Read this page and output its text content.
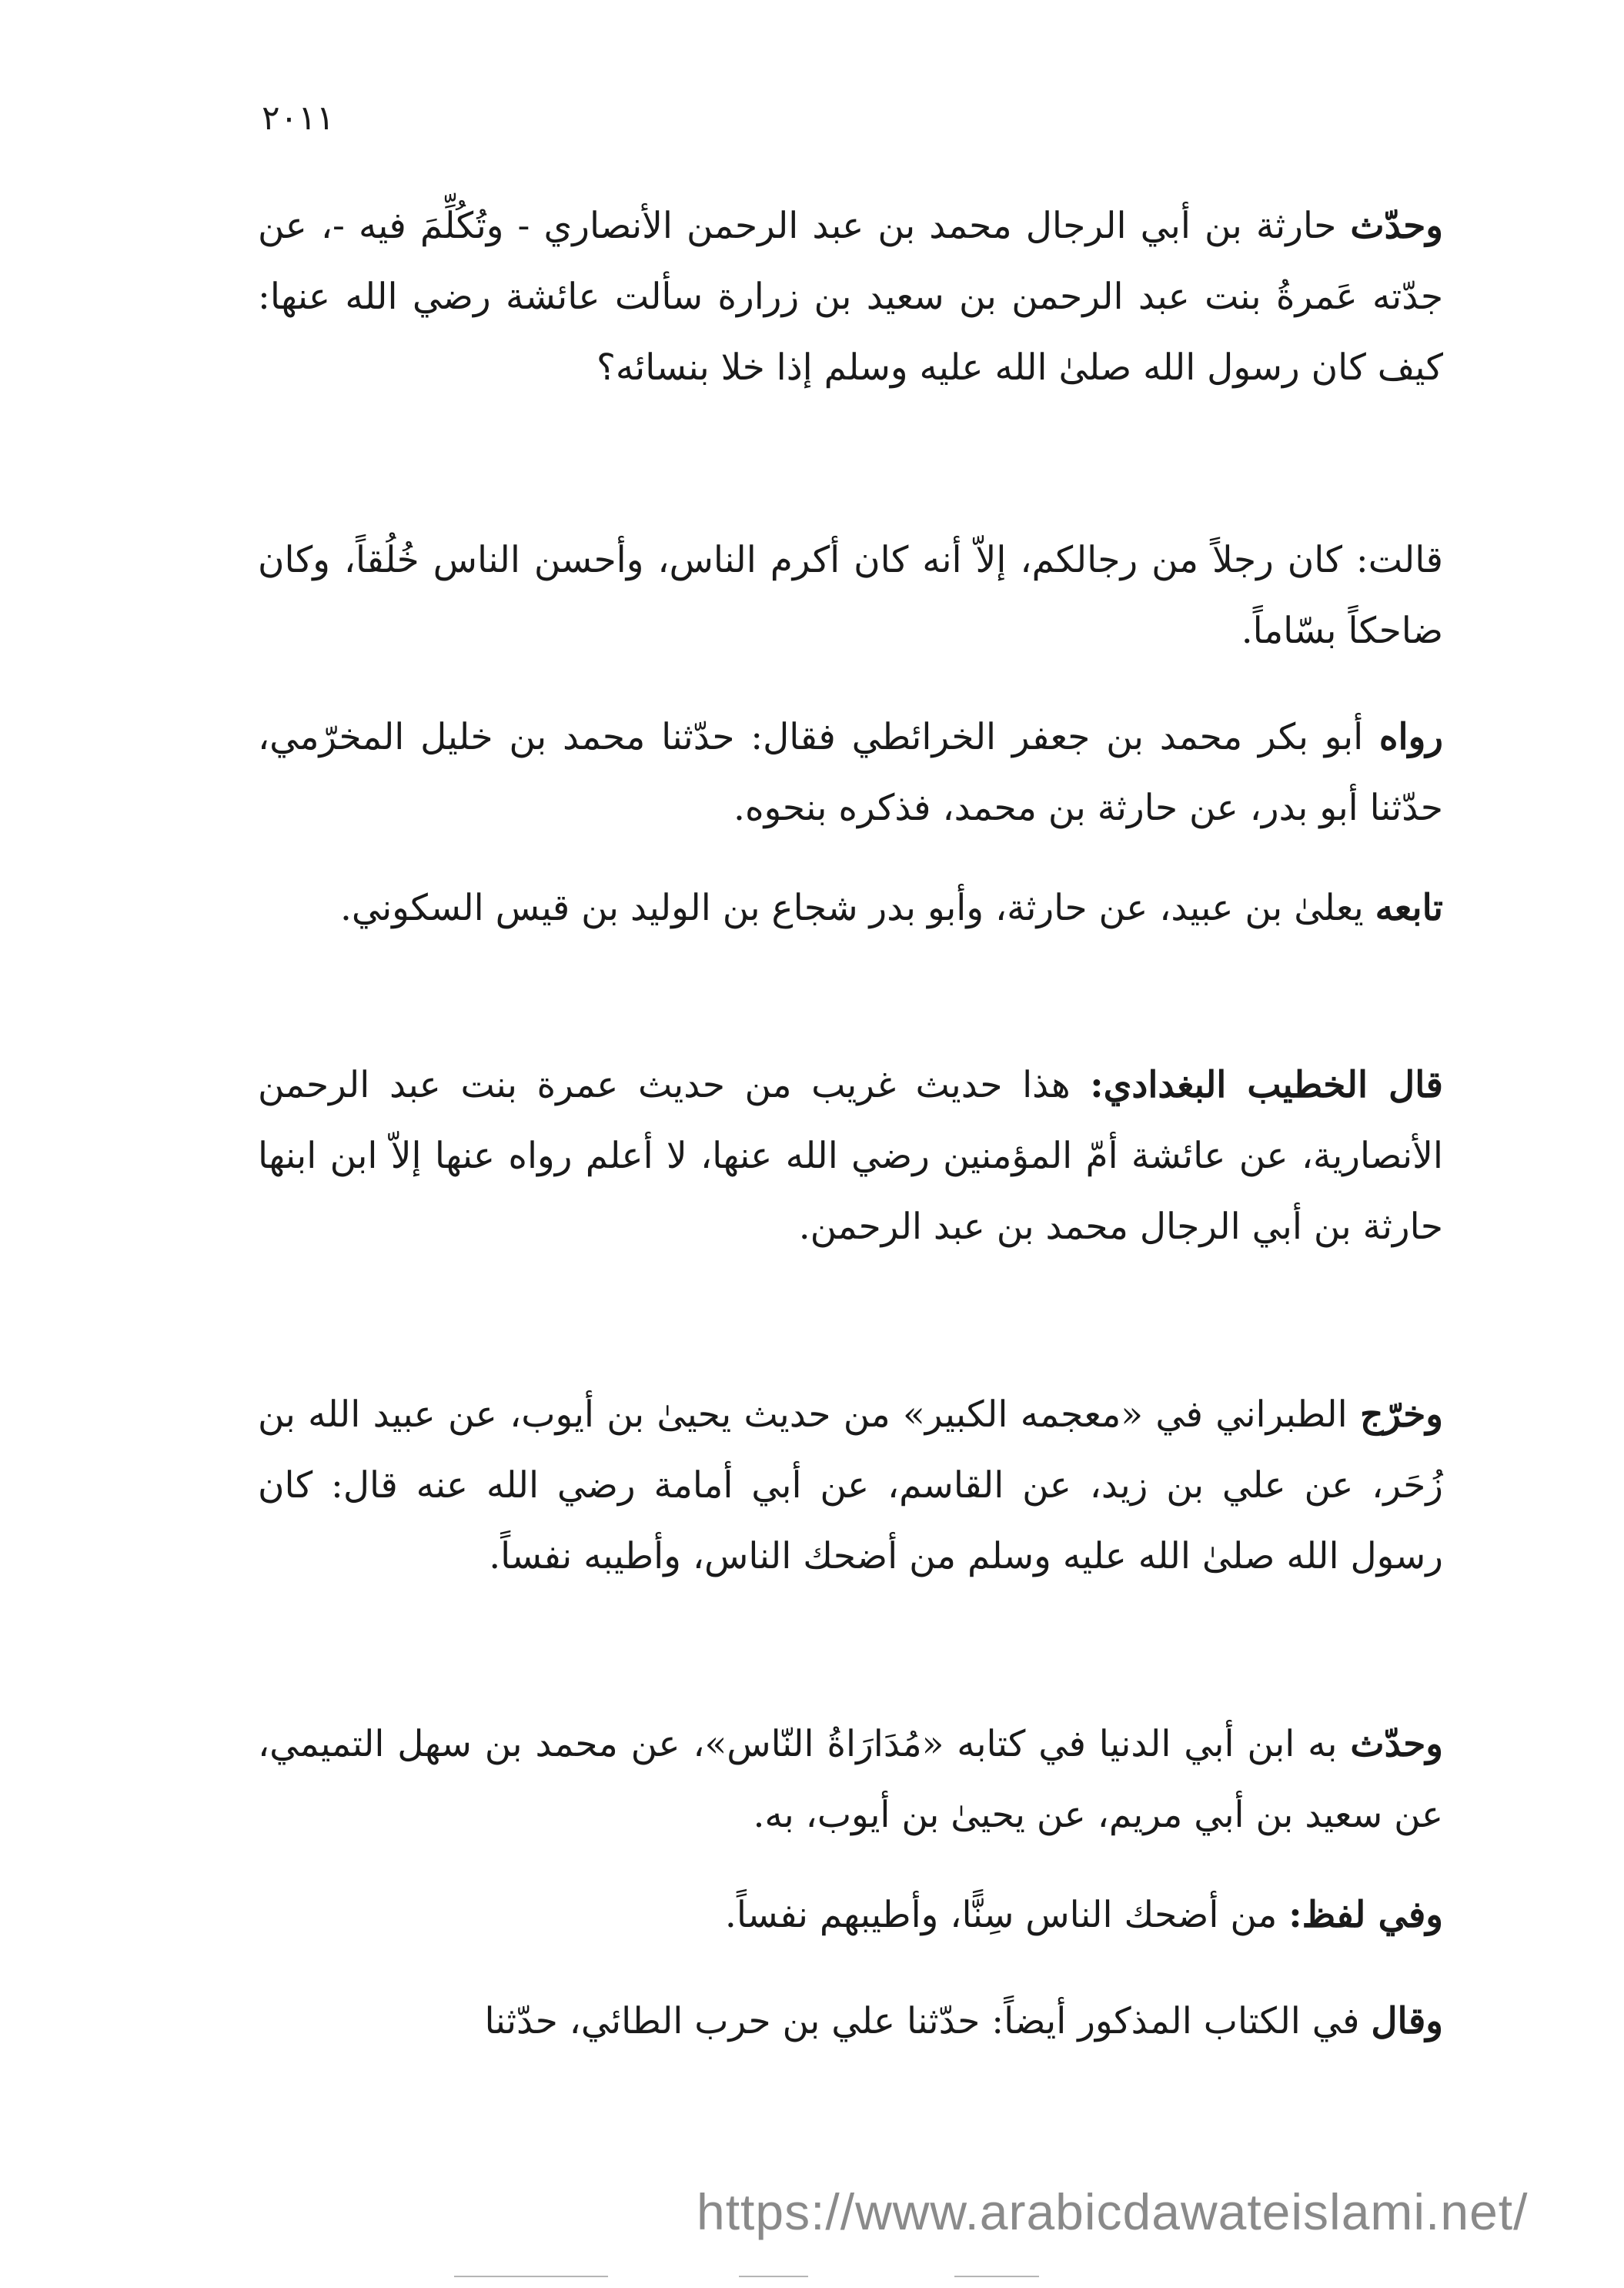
٢٠١١

وحدّث حارثة بن أبي الرجال محمد بن عبد الرحمن الأنصاري - وتُكُلِّمَ فيه -، عن جدّته عَمرةُ بنت عبد الرحمن بن سعيد بن زرارة سألت عائشة رضي الله عنها: كيف كان رسول الله صلىٰ الله عليه وسلم إذا خلا بنسائه؟

قالت: كان رجلاً من رجالكم، إلاّ أنه كان أكرم الناس، وأحسن الناس خُلُقاً، وكان ضاحكاً بسّاماً.

رواه أبو بكر محمد بن جعفر الخرائطي فقال: حدّثنا محمد بن خليل المخرّمي، حدّثنا أبو بدر، عن حارثة بن محمد، فذكره بنحوه.

تابعه يعلىٰ بن عبيد، عن حارثة، وأبو بدر شجاع بن الوليد بن قيس السكوني.

قال الخطيب البغدادي: هذا حديث غريب من حديث عمرة بنت عبد الرحمن الأنصارية، عن عائشة أمّ المؤمنين رضي الله عنها، لا أعلم رواه عنها إلاّ ابن ابنها حارثة بن أبي الرجال محمد بن عبد الرحمن.

وخرّج الطبراني في «معجمه الكبير» من حديث يحيىٰ بن أيوب، عن عبيد الله بن زُحَر، عن علي بن زيد، عن القاسم، عن أبي أمامة رضي الله عنه قال: كان رسول الله صلىٰ الله عليه وسلم من أضحك الناس، وأطيبه نفساً.

وحدّث به ابن أبي الدنيا في كتابه «مُدَارَاةُ النّاس»، عن محمد بن سهل التميمي، عن سعيد بن أبي مريم، عن يحيىٰ بن أيوب، به.

وفي لفظ: من أضحك الناس سِنًّا، وأطيبهم نفساً.

وقال في الكتاب المذكور أيضاً: حدّثنا علي بن حرب الطائي، حدّثنا

https://www.arabicdawateislami.net/
